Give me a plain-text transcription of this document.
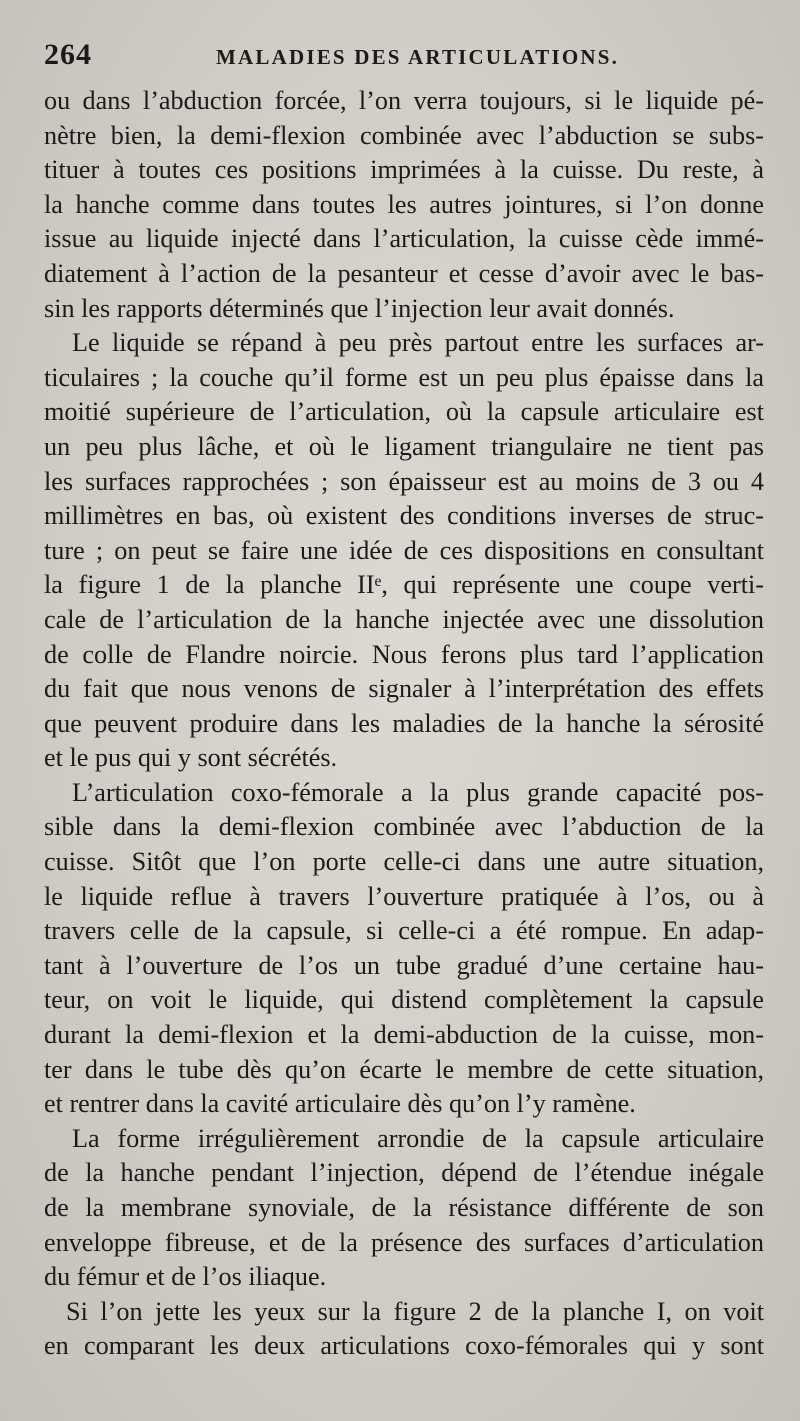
264	MALADIES DES ARTICULATIONS.
ou dans l’abduction forcée, l’on verra toujours, si le liquide pé-
nètre bien, la demi-flexion combinée avec l’abduction se subs-
tituer à toutes ces positions imprimées à la cuisse. Du reste, à
la hanche comme dans toutes les autres jointures, si l’on donne
issue au liquide injecté dans l’articulation, la cuisse cède immé-
diatement à l’action de la pesanteur et cesse d’avoir avec le bas-
sin les rapports déterminés que l’injection leur avait donnés.
Le liquide se répand à peu près partout entre les surfaces ar-
ticulaires ; la couche qu’il forme est un peu plus épaisse dans la
moitié supérieure de l’articulation, où la capsule articulaire est
un peu plus lâche, et où le ligament triangulaire ne tient pas
les surfaces rapprochées ; son épaisseur est au moins de 3 ou 4
millimètres en bas, où existent des conditions inverses de struc-
ture ; on peut se faire une idée de ces dispositions en consultant
la figure 1 de la planche IIᵉ, qui représente une coupe verti-
cale de l’articulation de la hanche injectée avec une dissolution
de colle de Flandre noircie. Nous ferons plus tard l’application
du fait que nous venons de signaler à l’interprétation des effets
que peuvent produire dans les maladies de la hanche la sérosité
et le pus qui y sont sécrétés.
L’articulation coxo-fémorale a la plus grande capacité pos-
sible dans la demi-flexion combinée avec l’abduction de la
cuisse. Sitôt que l’on porte celle-ci dans une autre situation,
le liquide reflue à travers l’ouverture pratiquée à l’os, ou à
travers celle de la capsule, si celle-ci a été rompue. En adap-
tant à l’ouverture de l’os un tube gradué d’une certaine hau-
teur, on voit le liquide, qui distend complètement la capsule
durant la demi-flexion et la demi-abduction de la cuisse, mon-
ter dans le tube dès qu’on écarte le membre de cette situation,
et rentrer dans la cavité articulaire dès qu’on l’y ramène.
La forme irrégulièrement arrondie de la capsule articulaire
de la hanche pendant l’injection, dépend de l’étendue inégale
de la membrane synoviale, de la résistance différente de son
enveloppe fibreuse, et de la présence des surfaces d’articulation
du fémur et de l’os iliaque.
Si l’on jette les yeux sur la figure 2 de la planche I, on voit
en comparant les deux articulations coxo-fémorales qui y sont
